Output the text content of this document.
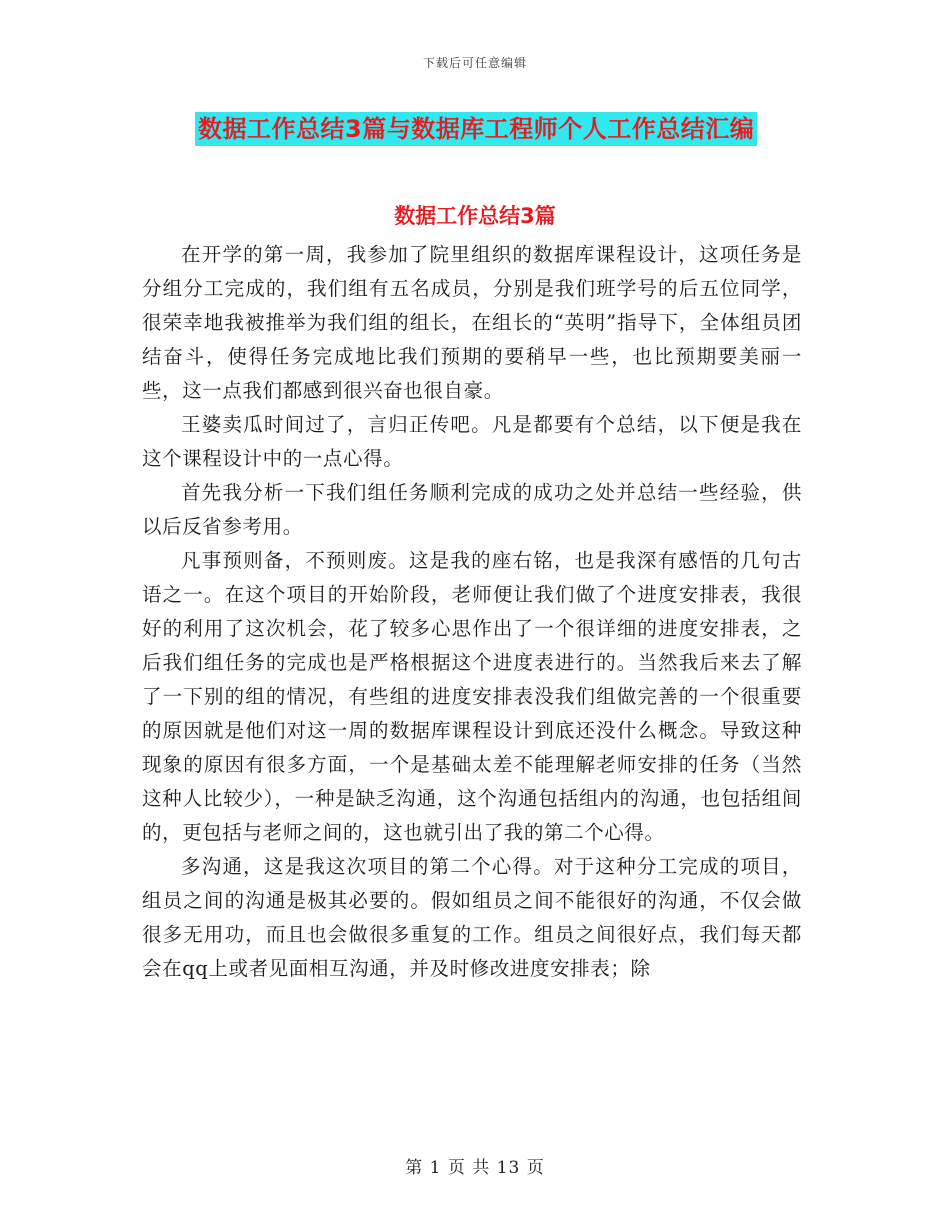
下载后可任意编辑
数据工作总结3篇与数据库工程师个人工作总结汇编
数据工作总结3篇

在开学的第一周，我参加了院里组织的数据库课程设计，这项任务是分组分工完成的，我们组有五名成员，分别是我们班学号的后五位同学，很荣幸地我被推举为我们组的组长，在组长的“英明”指导下，全体组员团结奋斗，使得任务完成地比我们预期的要稍早一些，也比预期要美丽一些，这一点我们都感到很兴奋也很自豪。

王婆卖瓜时间过了，言归正传吧。凡是都要有个总结，以下便是我在这个课程设计中的一点心得。

首先我分析一下我们组任务顺利完成的成功之处并总结一些经验，供以后反省参考用。

凡事预则备，不预则废。这是我的座右铭，也是我深有感悟的几句古语之一。在这个项目的开始阶段，老师便让我们做了个进度安排表，我很好的利用了这次机会，花了较多心思作出了一个很详细的进度安排表，之后我们组任务的完成也是严格根据这个进度表进行的。当然我后来去了解了一下别的组的情况，有些组的进度安排表没我们组做完善的一个很重要的原因就是他们对这一周的数据库课程设计到底还没什么概念。导致这种现象的原因有很多方面，一个是基础太差不能理解老师安排的任务（当然这种人比较少），一种是缺乏沟通，这个沟通包括组内的沟通，也包括组间的，更包括与老师之间的，这也就引出了我的第二个心得。

多沟通，这是我这次项目的第二个心得。对于这种分工完成的项目，组员之间的沟通是极其必要的。假如组员之间不能很好的沟通，不仅会做很多无用功，而且也会做很多重复的工作。组员之间很好点，我们每天都会在qq上或者见面相互沟通，并及时修改进度安排表；除

第 1 页 共 13 页
